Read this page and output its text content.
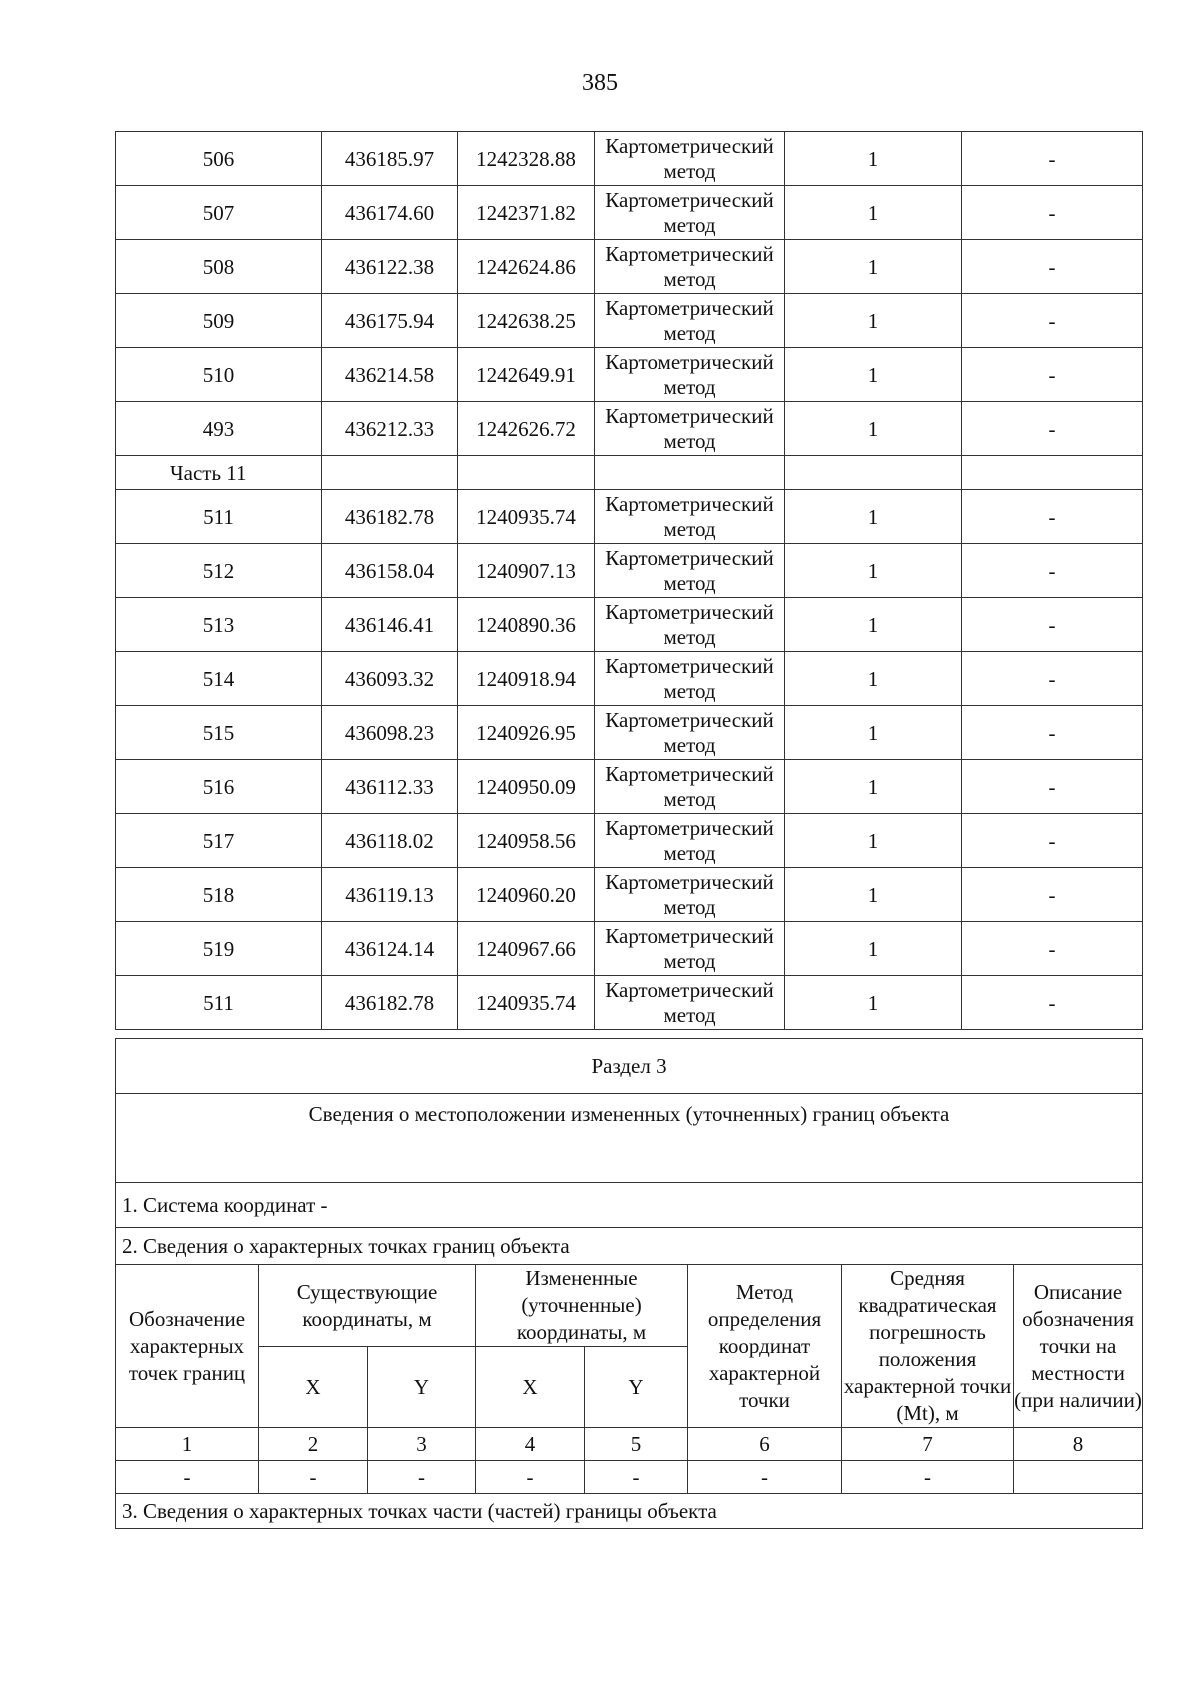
385
506	436185.97	1242328.88	Картометрический метод	1	-
507	436174.60	1242371.82	Картометрический метод	1	-
508	436122.38	1242624.86	Картометрический метод	1	-
509	436175.94	1242638.25	Картометрический метод	1	-
510	436214.58	1242649.91	Картометрический метод	1	-
493	436212.33	1242626.72	Картометрический метод	1	-
Часть 11					
511	436182.78	1240935.74	Картометрический метод	1	-
512	436158.04	1240907.13	Картометрический метод	1	-
513	436146.41	1240890.36	Картометрический метод	1	-
514	436093.32	1240918.94	Картометрический метод	1	-
515	436098.23	1240926.95	Картометрический метод	1	-
516	436112.33	1240950.09	Картометрический метод	1	-
517	436118.02	1240958.56	Картометрический метод	1	-
518	436119.13	1240960.20	Картометрический метод	1	-
519	436124.14	1240967.66	Картометрический метод	1	-
511	436182.78	1240935.74	Картометрический метод	1	-
Раздел 3							
Сведения о местоположении измененных (уточненных) границ объекта							
1. Система координат -							
2. Сведения о характерных точках границ объекта							
Обозначение характерных точек границ	Существующие координаты, м		Измененные (уточненные) координаты, м		Метод определения координат характерной точки	Средняя квадратическая погрешность положения характерной точки (Mt), м	Описание обозначения точки на местности (при наличии)
	X	Y	X	Y			
1	2	3	4	5	6	7	8
-	-	-	-	-	-	-	
3. Сведения о характерных точках части (частей) границы объекта							
